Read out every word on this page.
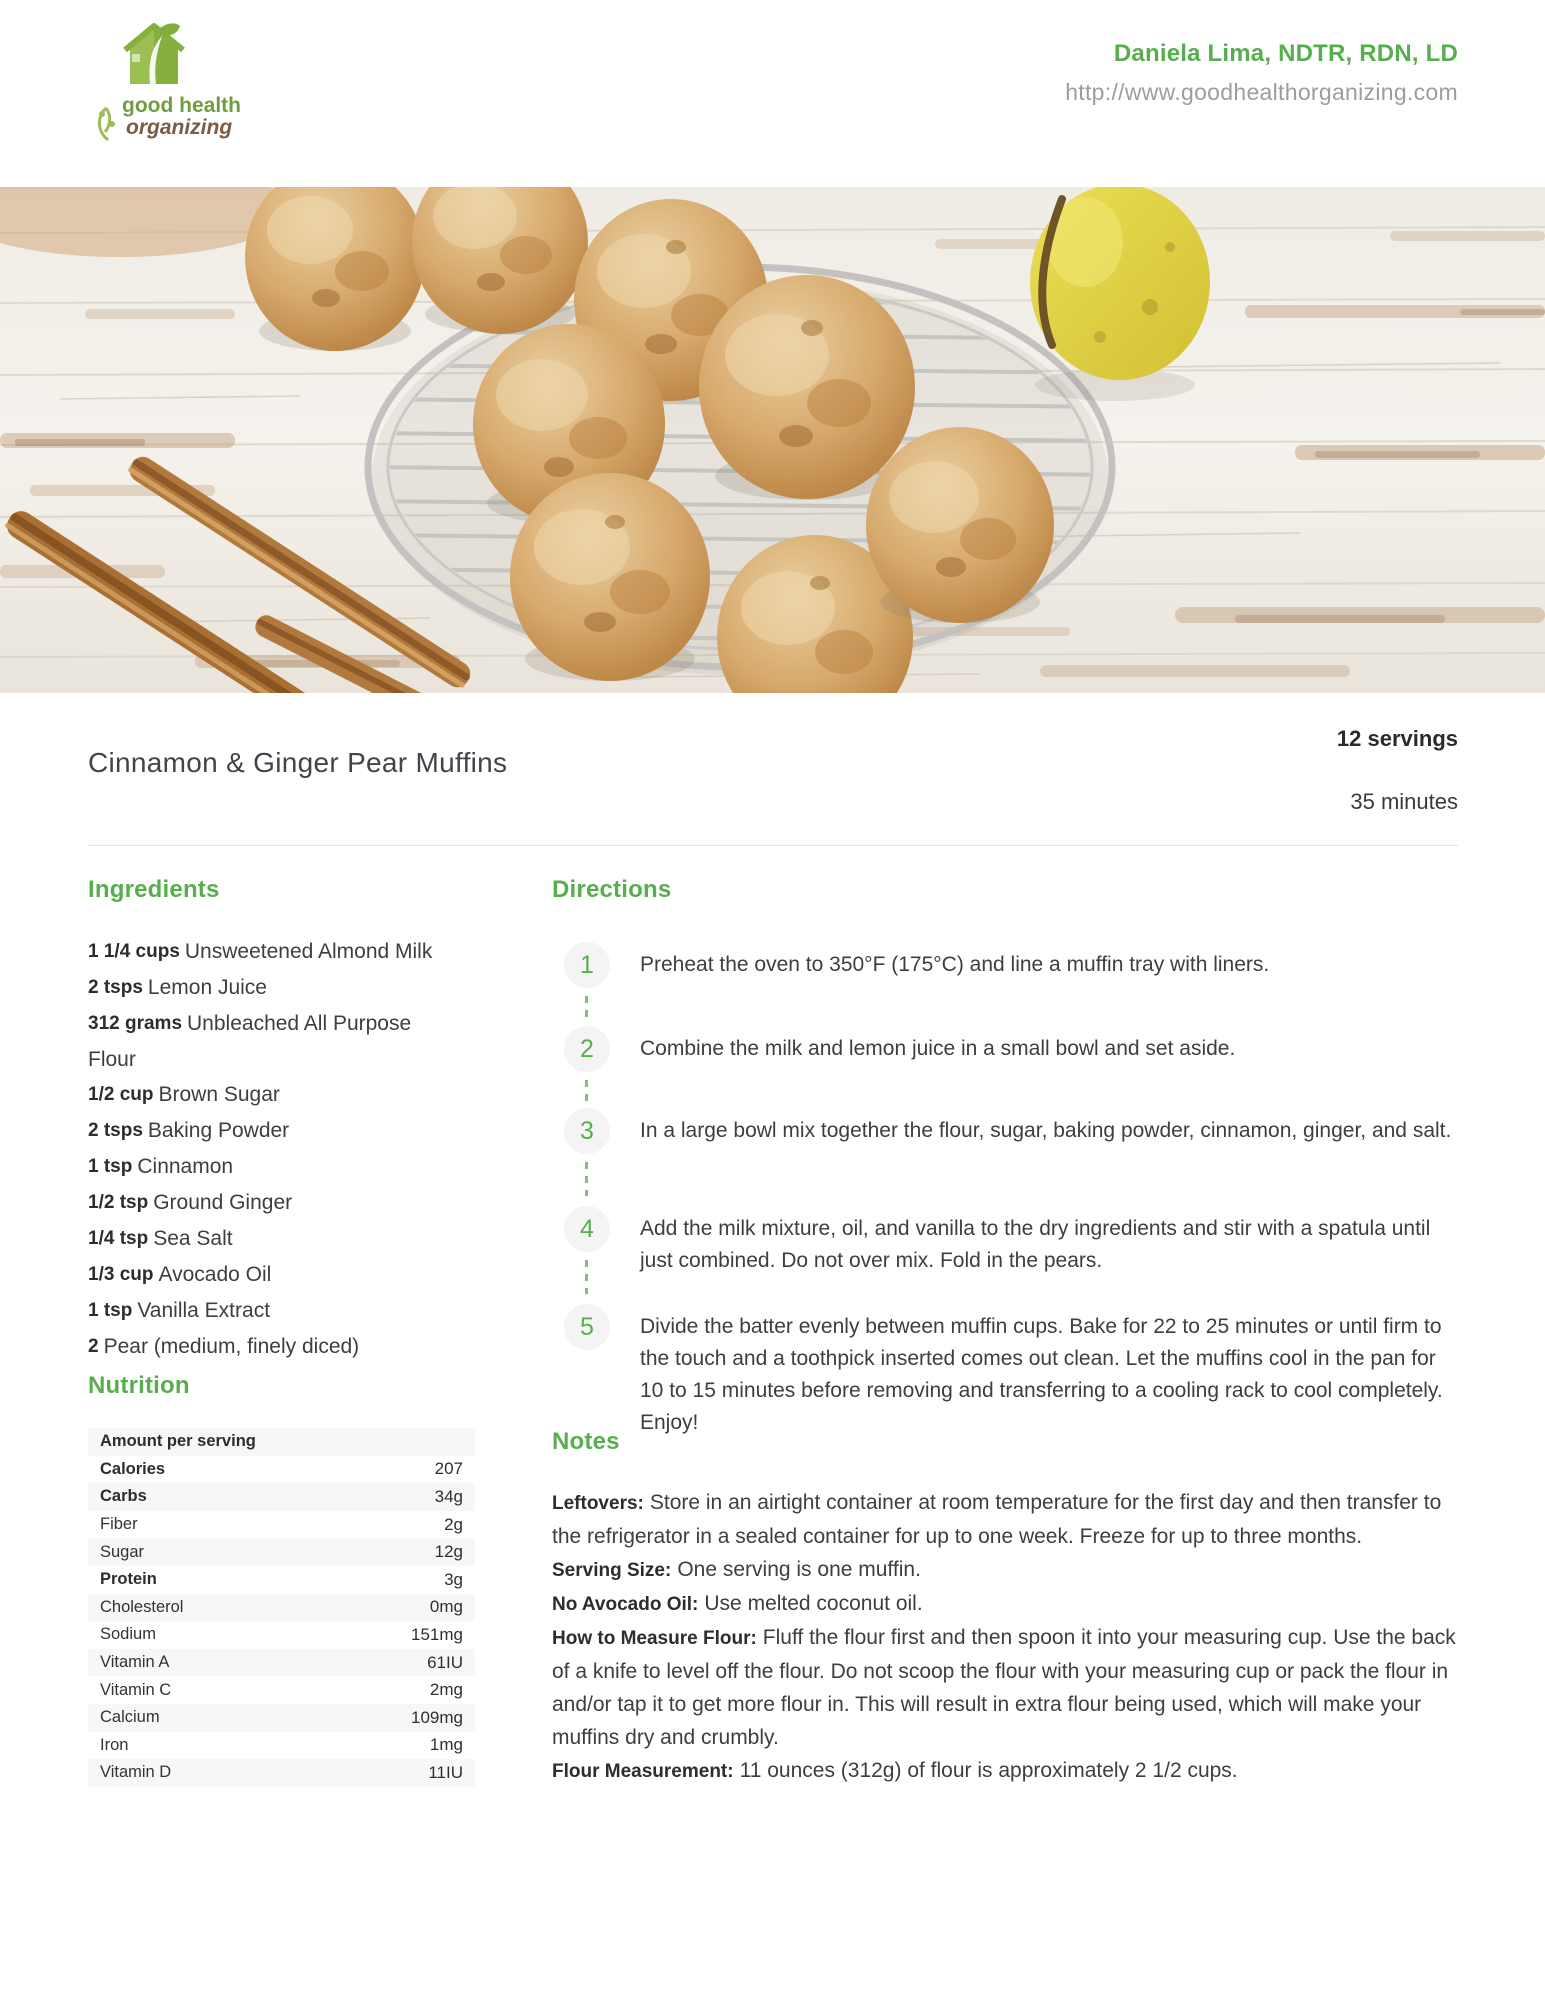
good health
organizing
Daniela Lima, NDTR, RDN, LD
http://www.goodhealthorganizing.com
12 servings
Cinnamon & Ginger Pear Muffins
35 minutes
Ingredients
1 1/4 cups Unsweetened Almond Milk
2 tsps Lemon Juice
312 grams Unbleached All Purpose Flour
1/2 cup Brown Sugar
2 tsps Baking Powder
1 tsp Cinnamon
1/2 tsp Ground Ginger
1/4 tsp Sea Salt
1/3 cup Avocado Oil
1 tsp Vanilla Extract
2 Pear (medium, finely diced)
Nutrition
Amount per serving
Calories	207
Carbs	34g
Fiber	2g
Sugar	12g
Protein	3g
Cholesterol	0mg
Sodium	151mg
Vitamin A	61IU
Vitamin C	2mg
Calcium	109mg
Iron	1mg
Vitamin D	11IU
Directions
1	Preheat the oven to 350°F (175°C) and line a muffin tray with liners.
2	Combine the milk and lemon juice in a small bowl and set aside.
3	In a large bowl mix together the flour, sugar, baking powder, cinnamon, ginger, and salt.
4	Add the milk mixture, oil, and vanilla to the dry ingredients and stir with a spatula until just combined. Do not over mix. Fold in the pears.
5	Divide the batter evenly between muffin cups. Bake for 22 to 25 minutes or until firm to the touch and a toothpick inserted comes out clean. Let the muffins cool in the pan for 10 to 15 minutes before removing and transferring to a cooling rack to cool completely. Enjoy!
Notes

Leftovers: Store in an airtight container at room temperature for the first day and then transfer to the refrigerator in a sealed container for up to one week. Freeze for up to three months.

Serving Size: One serving is one muffin.

No Avocado Oil: Use melted coconut oil.

How to Measure Flour: Fluff the flour first and then spoon it into your measuring cup. Use the back of a knife to level off the flour. Do not scoop the flour with your measuring cup or pack the flour in and/or tap it to get more flour in. This will result in extra flour being used, which will make your muffins dry and crumbly.

Flour Measurement: 11 ounces (312g) of flour is approximately 2 1/2 cups.
